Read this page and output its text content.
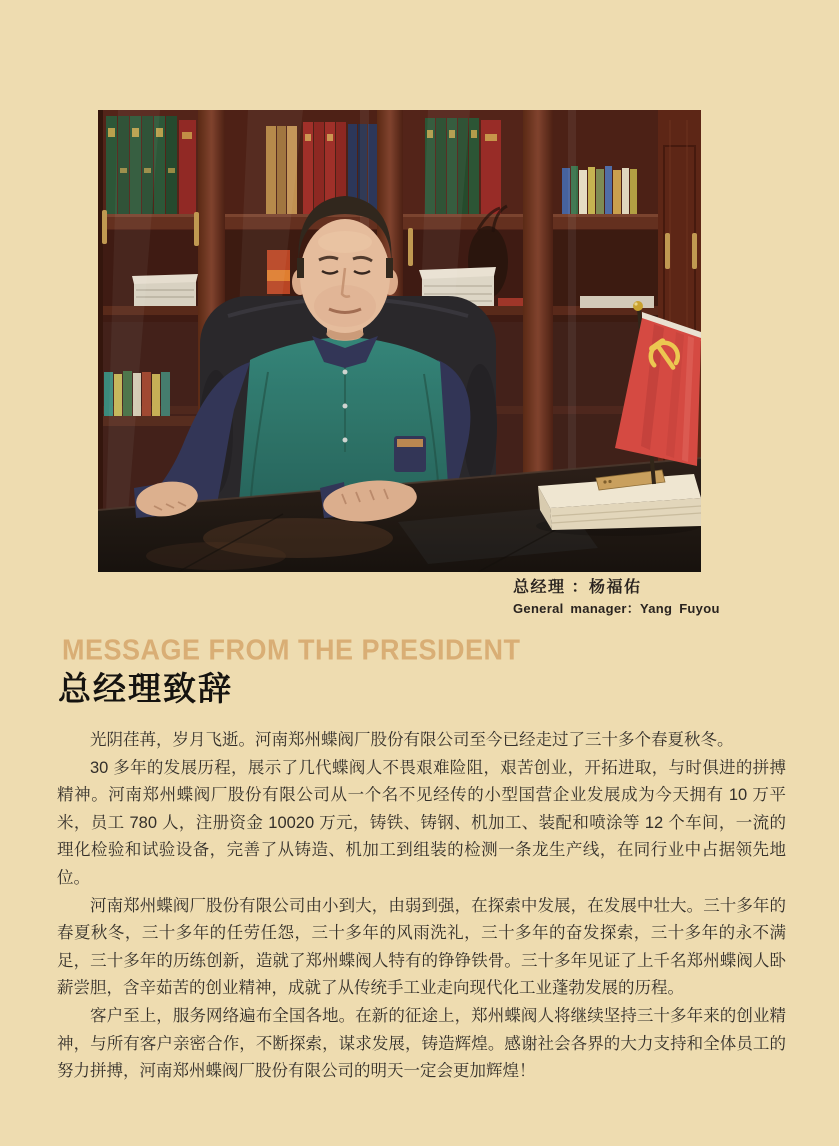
总经理 ：杨福佑
General manager：Yang Fuyou
MESSAGE FROM THE PRESIDENT
总经理致辞

光阴荏苒，岁月飞逝。河南郑州蝶阀厂股份有限公司至今已经走过了三十多个春夏秋冬。

30 多年的发展历程，展示了几代蝶阀人不畏艰难险阻，艰苦创业，开拓进取，与时俱进的拼搏精神。河南郑州蝶阀厂股份有限公司从一个名不见经传的小型国营企业发展成为今天拥有 10 万平米，员工 780 人，注册资金 10020 万元，铸铁、铸钢、机加工、装配和喷涂等 12 个车间，一流的理化检验和试验设备，完善了从铸造、机加工到组装的检测一条龙生产线，在同行业中占据领先地位。

河南郑州蝶阀厂股份有限公司由小到大，由弱到强，在探索中发展，在发展中壮大。三十多年的春夏秋冬，三十多年的任劳任怨，三十多年的风雨洗礼，三十多年的奋发探索，三十多年的永不满足，三十多年的历练创新，造就了郑州蝶阀人特有的铮铮铁骨。三十多年见证了上千名郑州蝶阀人卧薪尝胆，含辛茹苦的创业精神，成就了从传统手工业走向现代化工业蓬勃发展的历程。

客户至上，服务网络遍布全国各地。在新的征途上，郑州蝶阀人将继续坚持三十多年来的创业精神，与所有客户亲密合作，不断探索，谋求发展，铸造辉煌。感谢社会各界的大力支持和全体员工的努力拼搏，河南郑州蝶阀厂股份有限公司的明天一定会更加辉煌！
